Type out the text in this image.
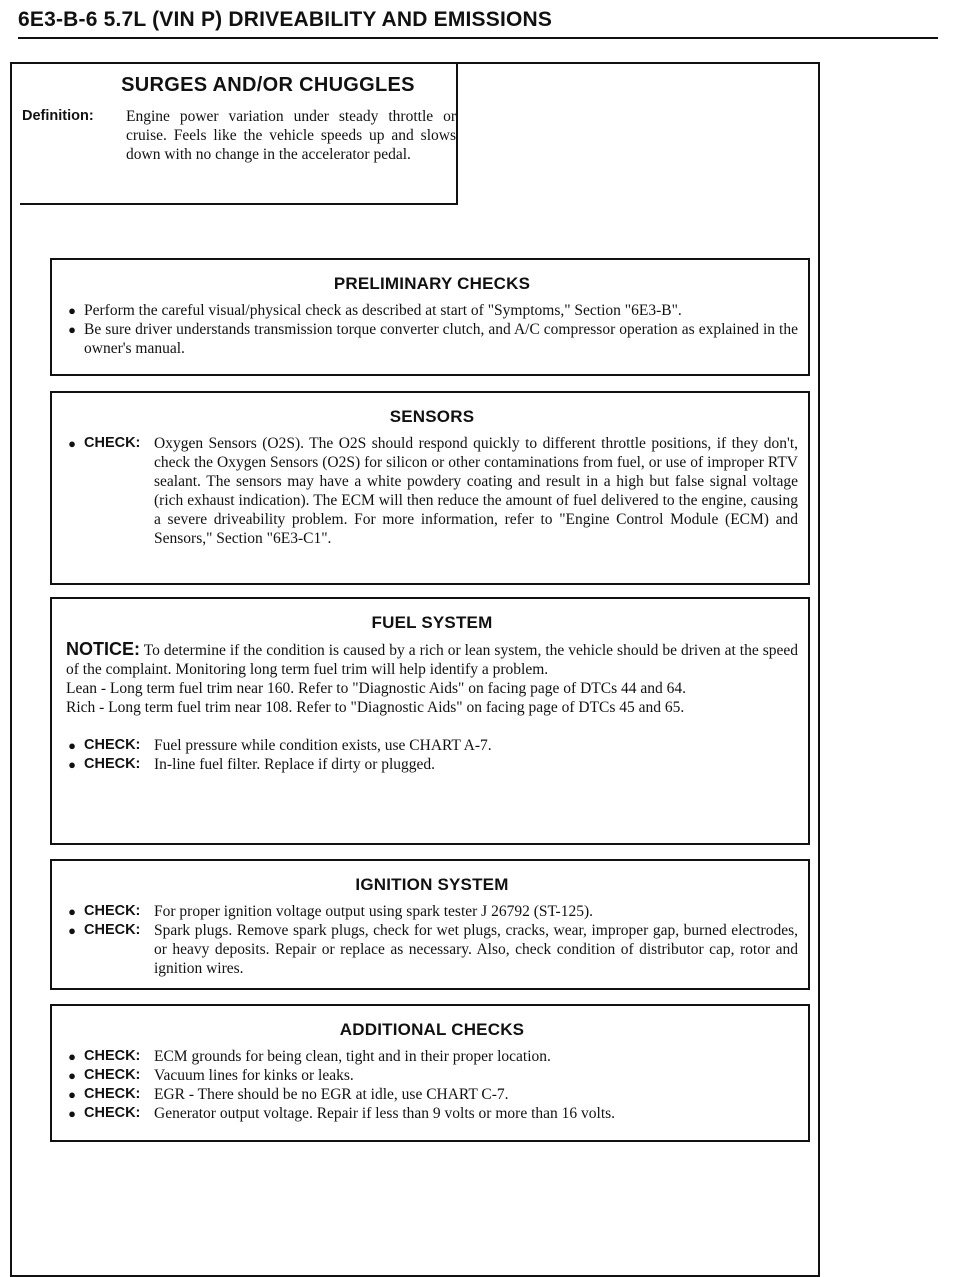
6E3-B-6 5.7L (VIN P) DRIVEABILITY AND EMISSIONS
SURGES AND/OR CHUGGLES
Definition:	Engine power variation under steady throttle or cruise. Feels like the vehicle speeds up and slows down with no change in the accelerator pedal.
PRELIMINARY CHECKS
● Perform the careful visual/physical check as described at start of "Symptoms," Section "6E3-B".
● Be sure driver understands transmission torque converter clutch, and A/C compressor operation as explained in the owner's manual.
SENSORS
● CHECK: Oxygen Sensors (O2S). The O2S should respond quickly to different throttle positions, if they don't, check the Oxygen Sensors (O2S) for silicon or other contaminations from fuel, or use of improper RTV sealant. The sensors may have a white powdery coating and result in a high but false signal voltage (rich exhaust indication). The ECM will then reduce the amount of fuel delivered to the engine, causing a severe driveability problem. For more information, refer to "Engine Control Module (ECM) and Sensors," Section "6E3-C1".
FUEL SYSTEM
NOTICE: To determine if the condition is caused by a rich or lean system, the vehicle should be driven at the speed of the complaint. Monitoring long term fuel trim will help identify a problem.
Lean - Long term fuel trim near 160. Refer to "Diagnostic Aids" on facing page of DTCs 44 and 64.
Rich - Long term fuel trim near 108. Refer to "Diagnostic Aids" on facing page of DTCs 45 and 65.
● CHECK: Fuel pressure while condition exists, use CHART A-7.
● CHECK: In-line fuel filter. Replace if dirty or plugged.
IGNITION SYSTEM
● CHECK: For proper ignition voltage output using spark tester J 26792 (ST-125).
● CHECK: Spark plugs. Remove spark plugs, check for wet plugs, cracks, wear, improper gap, burned electrodes, or heavy deposits. Repair or replace as necessary. Also, check condition of distributor cap, rotor and ignition wires.
ADDITIONAL CHECKS
● CHECK: ECM grounds for being clean, tight and in their proper location.
● CHECK: Vacuum lines for kinks or leaks.
● CHECK: EGR - There should be no EGR at idle, use CHART C-7.
● CHECK: Generator output voltage. Repair if less than 9 volts or more than 16 volts.
